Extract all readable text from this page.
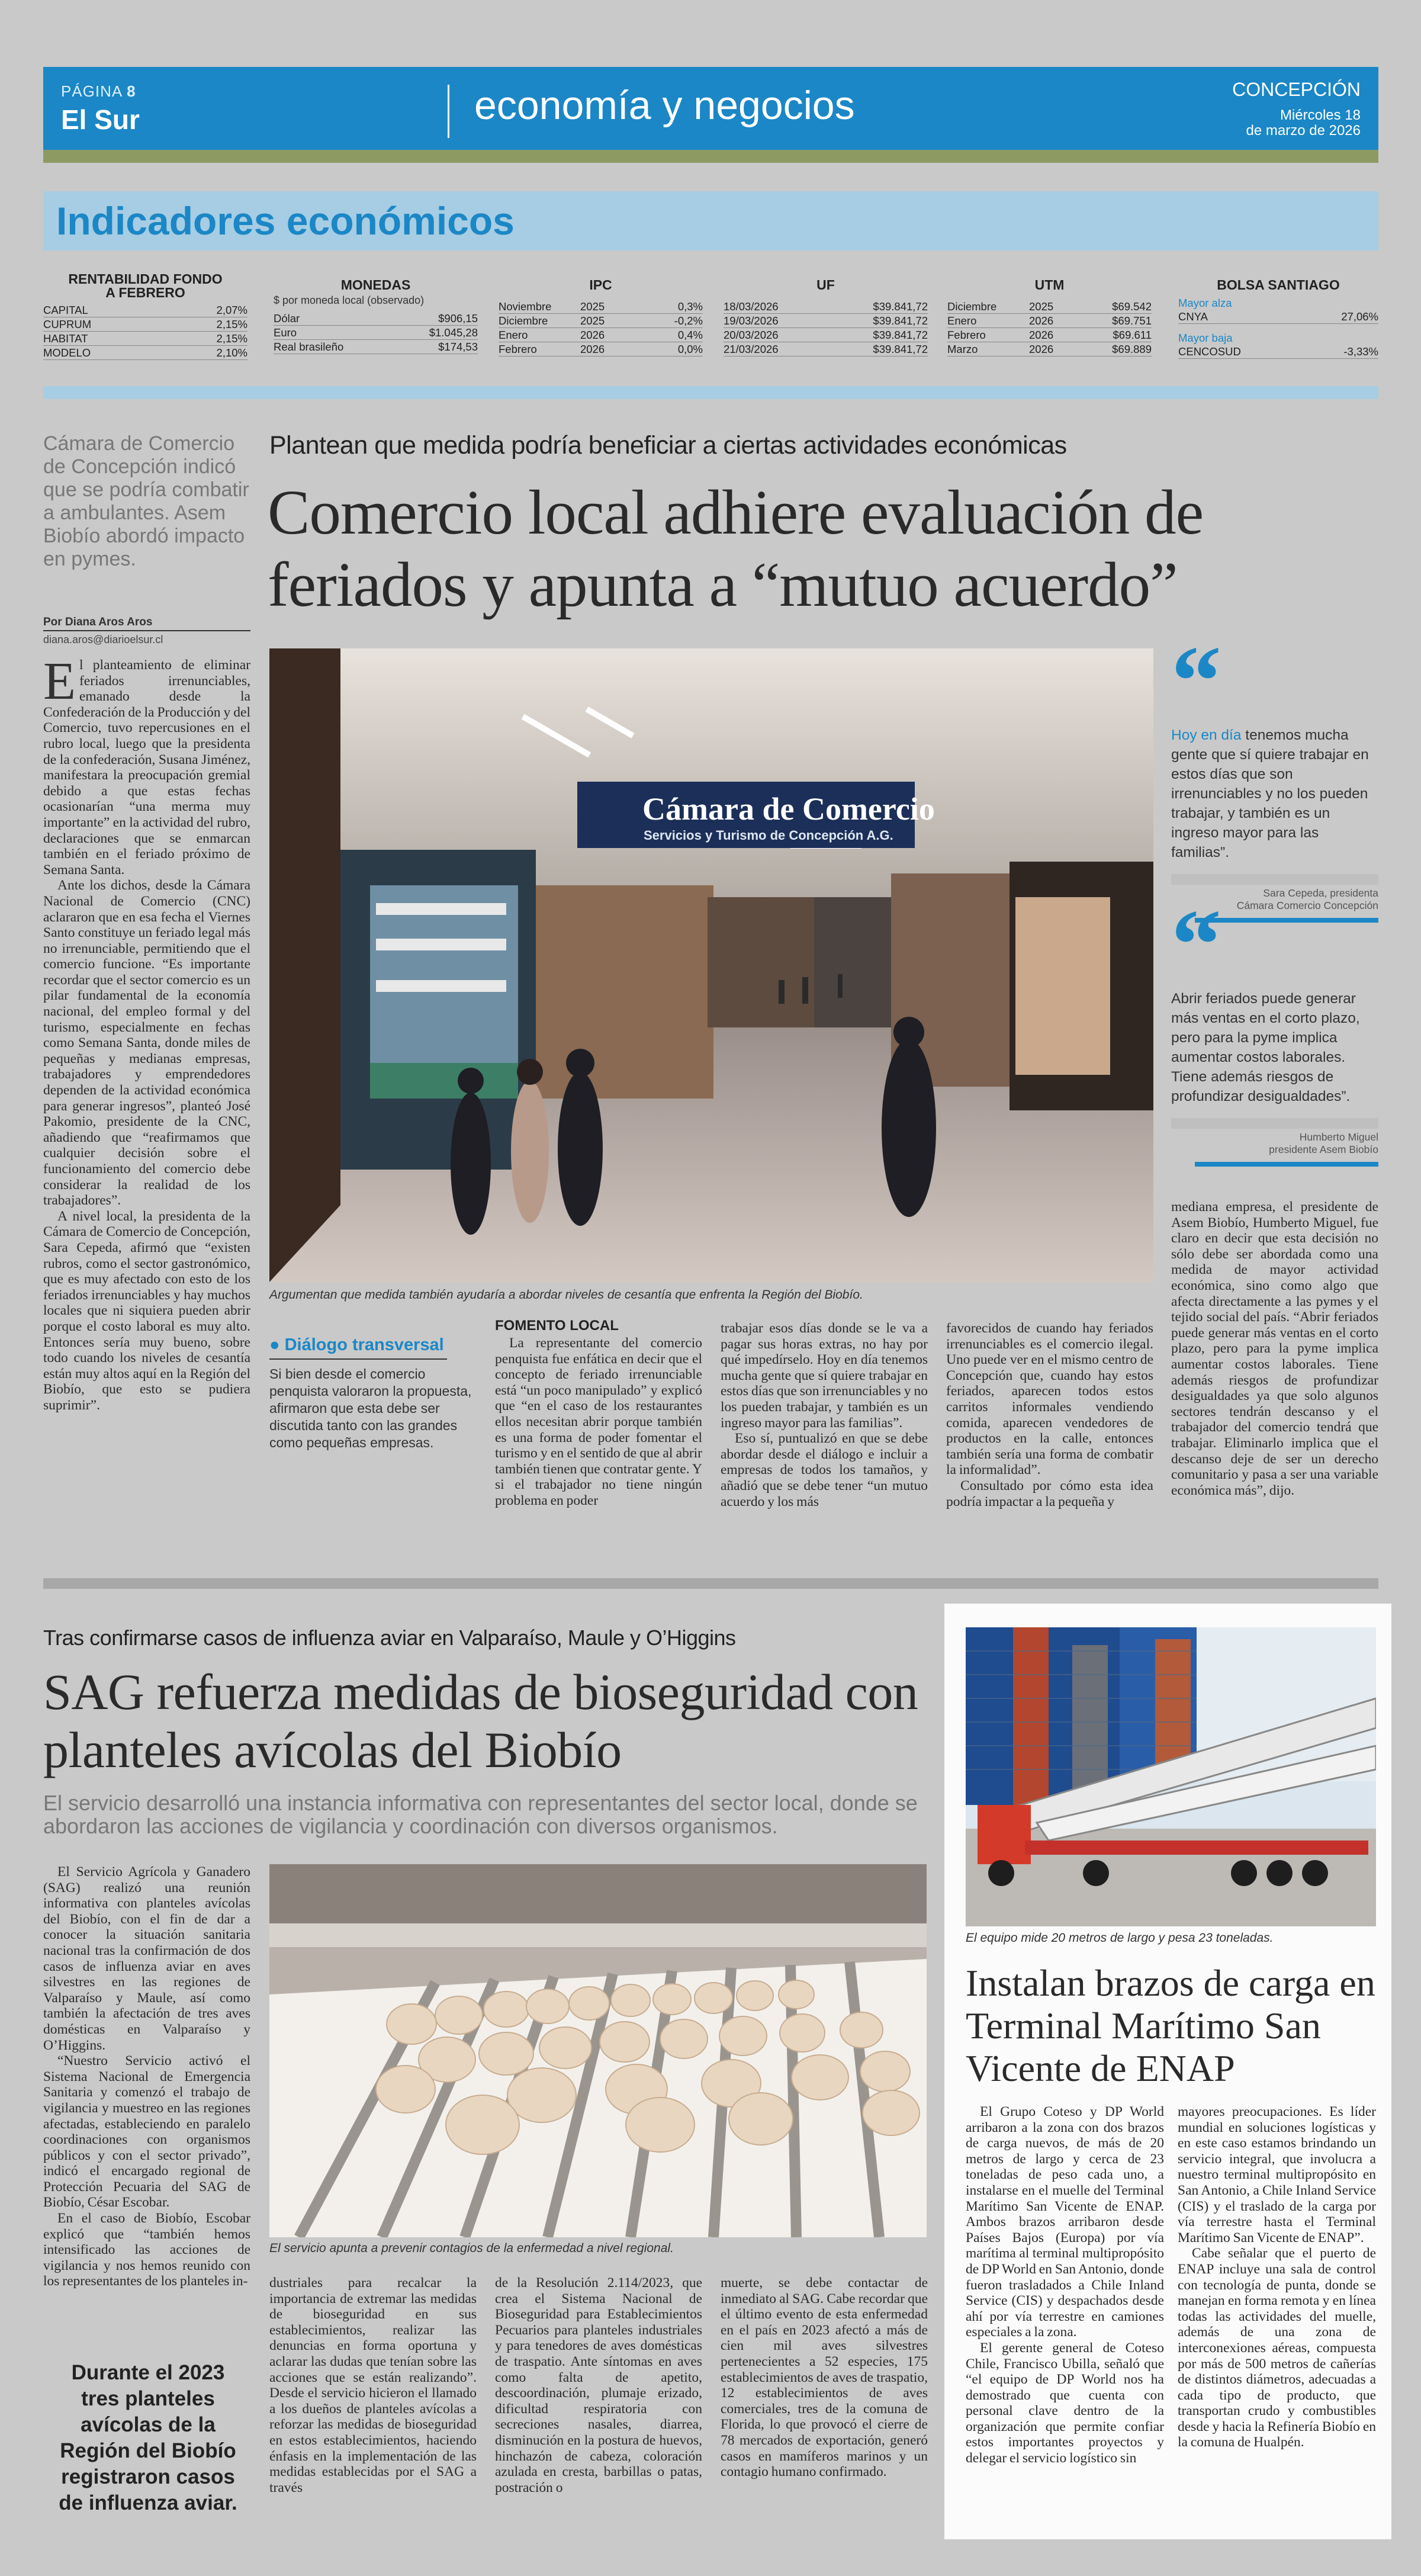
PÁGINA 8
El Sur	economía y negocios	CONCEPCIÓN
Miércoles 18
de marzo de 2026
Indicadores económicos
RENTABILIDAD FONDO A FEBRERO
CAPITAL	2,07%
CUPRUM	2,15%
HABITAT	2,15%
MODELO	2,10%
MONEDAS
$ por moneda local (observado)
Dólar	$906,15
Euro	$1.045,28
Real brasileño	$174,53
IPC
Noviembre	2025	0,3%
Diciembre	2025	-0,2%
Enero	2026	0,4%
Febrero	2026	0,0%
UF
18/03/2026	$39.841,72
19/03/2026	$39.841,72
20/03/2026	$39.841,72
21/03/2026	$39.841,72
UTM
Diciembre	2025	$69.542
Enero	2026	$69.751
Febrero	2026	$69.611
Marzo	2026	$69.889
BOLSA SANTIAGO
Mayor alza
CNYA	27,06%
Mayor baja
CENCOSUD	-3,33%
Cámara de Comercio de Concepción indicó que se podría combatir a ambulantes. Asem Biobío abordó impacto en pymes.
Por Diana Aros Aros
diana.aros@diarioelsur.cl
Plantean que medida podría beneficiar a ciertas actividades económicas
Comercio local adhiere evaluación de feriados y apunta a “mutuo acuerdo”
Cámara de Comercio
Servicios y Turismo de Concepción A.G.
Argumentan que medida también ayudaría a abordar niveles de cesantía que enfrenta la Región del Biobío.
E l planteamiento de eliminar feriados irrenunciables, emanado desde la Confederación de la Producción y del Comercio, tuvo repercusiones en el rubro local, luego que la presidenta de la confederación, Susana Jiménez, manifestara la preocupación gremial debido a que estas fechas ocasionarían “una merma muy importante” en la actividad del rubro, declaraciones que se enmarcan también en el feriado próximo de Semana Santa.

Ante los dichos, desde la Cámara Nacional de Comercio (CNC) aclararon que en esa fecha el Viernes Santo constituye un feriado legal más no irrenunciable, permitiendo que el comercio funcione. “Es importante recordar que el sector comercio es un pilar fundamental de la economía nacional, del empleo formal y del turismo, especialmente en fechas como Semana Santa, donde miles de pequeñas y medianas empresas, trabajadores y emprendedores dependen de la actividad económica para generar ingresos”, planteó José Pakomio, presidente de la CNC, añadiendo que “reafirmamos que cualquier decisión sobre el funcionamiento del comercio debe considerar la realidad de los trabajadores”.

A nivel local, la presidenta de la Cámara de Comercio de Concepción, Sara Cepeda, afirmó que “existen rubros, como el sector gastronómico, que es muy afectado con esto de los feriados irrenunciables y hay muchos locales que ni siquiera pueden abrir porque el costo laboral es muy alto. Entonces sería muy bueno, sobre todo cuando los niveles de cesantía están muy altos aquí en la Región del Biobío, que esto se pudiera suprimir”.

● Diálogo transversal
Si bien desde el comercio penquista valoraron la propuesta, afirmaron que esta debe ser discutida tanto con las grandes como pequeñas empresas.
FOMENTO LOCAL

La representante del comercio penquista fue enfática en decir que el concepto de feriado irrenunciable está “un poco manipulado” y explicó que “en el caso de los restaurantes ellos necesitan abrir porque también es una forma de poder fomentar el turismo y en el sentido de que al abrir también tienen que contratar gente. Y si el trabajador no tiene ningún problema en poder

trabajar esos días donde se le va a pagar sus horas extras, no hay por qué impedírselo. Hoy en día tenemos mucha gente que sí quiere trabajar en estos días que son irrenunciables y no los pueden trabajar, y también es un ingreso mayor para las familias”.

Eso sí, puntualizó en que se debe abordar desde el diálogo e incluir a empresas de todos los tamaños, y añadió que se debe tener “un mutuo acuerdo y los más

favorecidos de cuando hay feriados irrenunciables es el comercio ilegal. Uno puede ver en el mismo centro de Concepción que, cuando hay estos feriados, aparecen todos estos carritos informales vendiendo comida, aparecen vendedores de productos en la calle, entonces también sería una forma de combatir la informalidad”.

Consultado por cómo esta idea podría impactar a la pequeña y

mediana empresa, el presidente de Asem Biobío, Humberto Miguel, fue claro en decir que esta decisión no sólo debe ser abordada como una medida de mayor actividad económica, sino como algo que afecta directamente a las pymes y el tejido social del país. “Abrir feriados puede generar más ventas en el corto plazo, pero para la pyme implica aumentar costos laborales. Tiene además riesgos de profundizar desigualdades ya que solo algunos sectores tendrán descanso y el trabajador del comercio tendrá que trabajar. Eliminarlo implica que el descanso deje de ser un derecho comunitario y pasa a ser una variable económica más”, dijo.

Hoy en día tenemos mucha gente que sí quiere trabajar en estos días que son irrenunciables y no los pueden trabajar, y también es un ingreso mayor para las familias”.
Sara Cepeda, presidenta
Cámara Comercio Concepción
Abrir feriados puede generar más ventas en el corto plazo, pero para la pyme implica aumentar costos laborales. Tiene además riesgos de profundizar desigualdades”.
Humberto Miguel
presidente Asem Biobío
Tras confirmarse casos de influenza aviar en Valparaíso, Maule y O’Higgins
SAG refuerza medidas de bioseguridad con planteles avícolas del Biobío
El servicio desarrolló una instancia informativa con representantes del sector local, donde se abordaron las acciones de vigilancia y coordinación con diversos organismos.
El servicio apunta a prevenir contagios de la enfermedad a nivel regional.

El Servicio Agrícola y Ganadero (SAG) realizó una reunión informativa con planteles avícolas del Biobío, con el fin de dar a conocer la situación sanitaria nacional tras la confirmación de dos casos de influenza aviar en aves silvestres en las regiones de Valparaíso y Maule, así como también la afectación de tres aves domésticas en Valparaíso y O’Higgins.

“Nuestro Servicio activó el Sistema Nacional de Emergencia Sanitaria y comenzó el trabajo de vigilancia y muestreo en las regiones afectadas, estableciendo en paralelo coordinaciones con organismos públicos y con el sector privado”, indicó el encargado regional de Protección Pecuaria del SAG de Biobío, César Escobar.

En el caso de Biobío, Escobar explicó que “también hemos intensificado las acciones de vigilancia y nos hemos reunido con los representantes de los planteles in-

Durante el 2023 tres planteles avícolas de la Región del Biobío registraron casos de influenza aviar.

dustriales para recalcar la importancia de extremar las medidas de bioseguridad en sus establecimientos, realizar las denuncias en forma oportuna y aclarar las dudas que tenían sobre las acciones que se están realizando”. Desde el servicio hicieron el llamado a los dueños de planteles avícolas a reforzar las medidas de bioseguridad en estos establecimientos, haciendo énfasis en la implementación de las medidas establecidas por el SAG a través

de la Resolución 2.114/2023, que crea el Sistema Nacional de Bioseguridad para Establecimientos Pecuarios para planteles industriales y para tenedores de aves domésticas de traspatio. Ante síntomas en aves como falta de apetito, descoordinación, plumaje erizado, dificultad respiratoria con secreciones nasales, diarrea, disminución en la postura de huevos, hinchazón de cabeza, coloración azulada en cresta, barbillas o patas, postración o

muerte, se debe contactar de inmediato al SAG. Cabe recordar que el último evento de esta enfermedad en el país en 2023 afectó a más de cien mil aves silvestres pertenecientes a 52 especies, 175 establecimientos de aves de traspatio, 12 establecimientos de aves comerciales, tres de la comuna de Florida, lo que provocó el cierre de 78 mercados de exportación, generó casos en mamíferos marinos y un contagio humano confirmado.

El equipo mide 20 metros de largo y pesa 23 toneladas.
Instalan brazos de carga en Terminal Marítimo San Vicente de ENAP

El Grupo Coteso y DP World arribaron a la zona con dos brazos de carga nuevos, de más de 20 metros de largo y cerca de 23 toneladas de peso cada uno, a instalarse en el muelle del Terminal Marítimo San Vicente de ENAP. Ambos brazos arribaron desde Países Bajos (Europa) por vía marítima al terminal multipropósito de DP World en San Antonio, donde fueron trasladados a Chile Inland Service (CIS) y despachados desde ahí por vía terrestre en camiones especiales a la zona.

El gerente general de Coteso Chile, Francisco Ubilla, señaló que “el equipo de DP World nos ha demostrado que cuenta con personal clave dentro de la organización que permite confiar estos importantes proyectos y delegar el servicio logístico sin

mayores preocupaciones. Es líder mundial en soluciones logísticas y en este caso estamos brindando un servicio integral, que involucra a nuestro terminal multipropósito en San Antonio, a Chile Inland Service (CIS) y el traslado de la carga por vía terrestre hasta el Terminal Marítimo San Vicente de ENAP”.

Cabe señalar que el puerto de ENAP incluye una sala de control con tecnología de punta, donde se manejan en forma remota y en línea todas las actividades del muelle, además de una zona de interconexiones aéreas, compuesta por más de 500 metros de cañerías de distintos diámetros, adecuadas a cada tipo de producto, que transportan crudo y combustibles desde y hacia la Refinería Biobío en la comuna de Hualpén.
